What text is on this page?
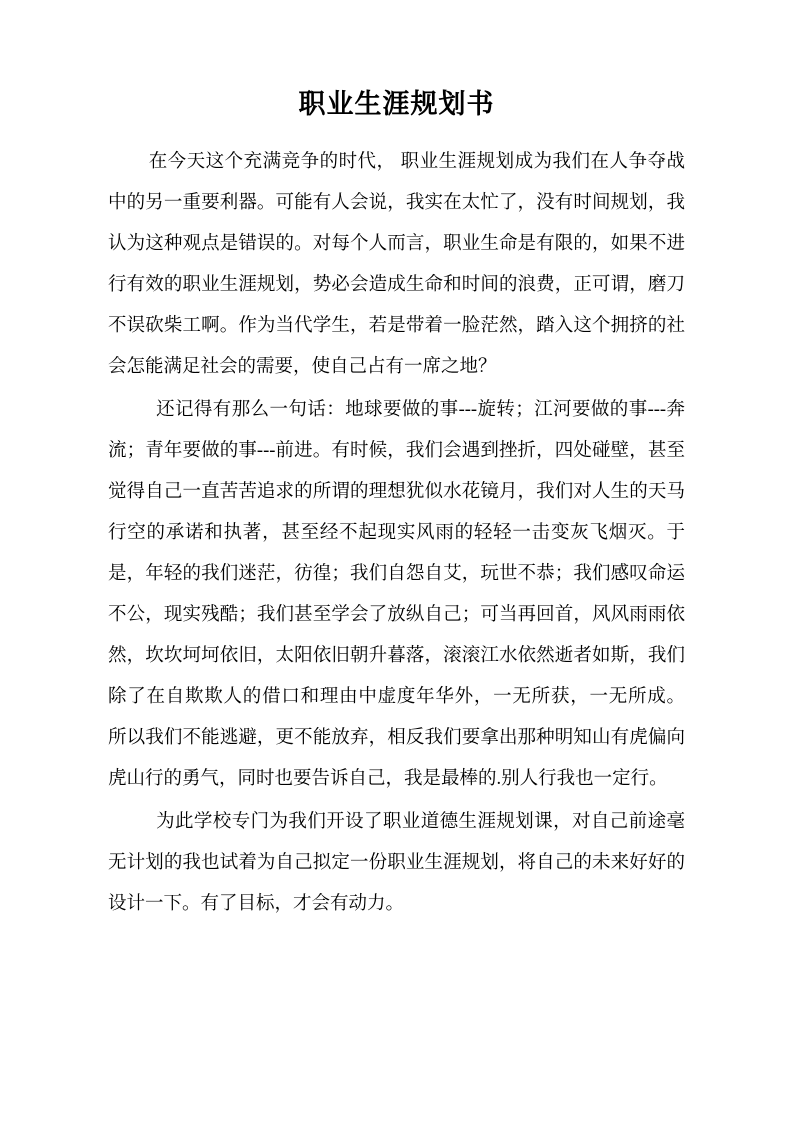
职业生涯规划书

在今天这个充满竞争的时代， 职业生涯规划成为我们在人争夺战中的另一重要利器。可能有人会说，我实在太忙了，没有时间规划，我认为这种观点是错误的。对每个人而言，职业生命是有限的，如果不进行有效的职业生涯规划，势必会造成生命和时间的浪费，正可谓，磨刀不误砍柴工啊。作为当代学生，若是带着一脸茫然，踏入这个拥挤的社会怎能满足社会的需要，使自己占有一席之地？

还记得有那么一句话：地球要做的事---旋转；江河要做的事---奔流；青年要做的事---前进。有时候，我们会遇到挫折，四处碰壁，甚至觉得自己一直苦苦追求的所谓的理想犹似水花镜月，我们对人生的天马行空的承诺和执著，甚至经不起现实风雨的轻轻一击变灰飞烟灭。于是，年轻的我们迷茫，彷徨；我们自怨自艾，玩世不恭；我们感叹命运不公，现实残酷；我们甚至学会了放纵自己；可当再回首，风风雨雨依然，坎坎坷坷依旧，太阳依旧朝升暮落，滚滚江水依然逝者如斯，我们除了在自欺欺人的借口和理由中虚度年华外，一无所获，一无所成。 所以我们不能逃避，更不能放弃，相反我们要拿出那种明知山有虎偏向虎山行的勇气，同时也要告诉自己，我是最棒的.别人行我也一定行。

为此学校专门为我们开设了职业道德生涯规划课，对自己前途毫无计划的我也试着为自己拟定一份职业生涯规划，将自己的未来好好的设计一下。有了目标，才会有动力。
